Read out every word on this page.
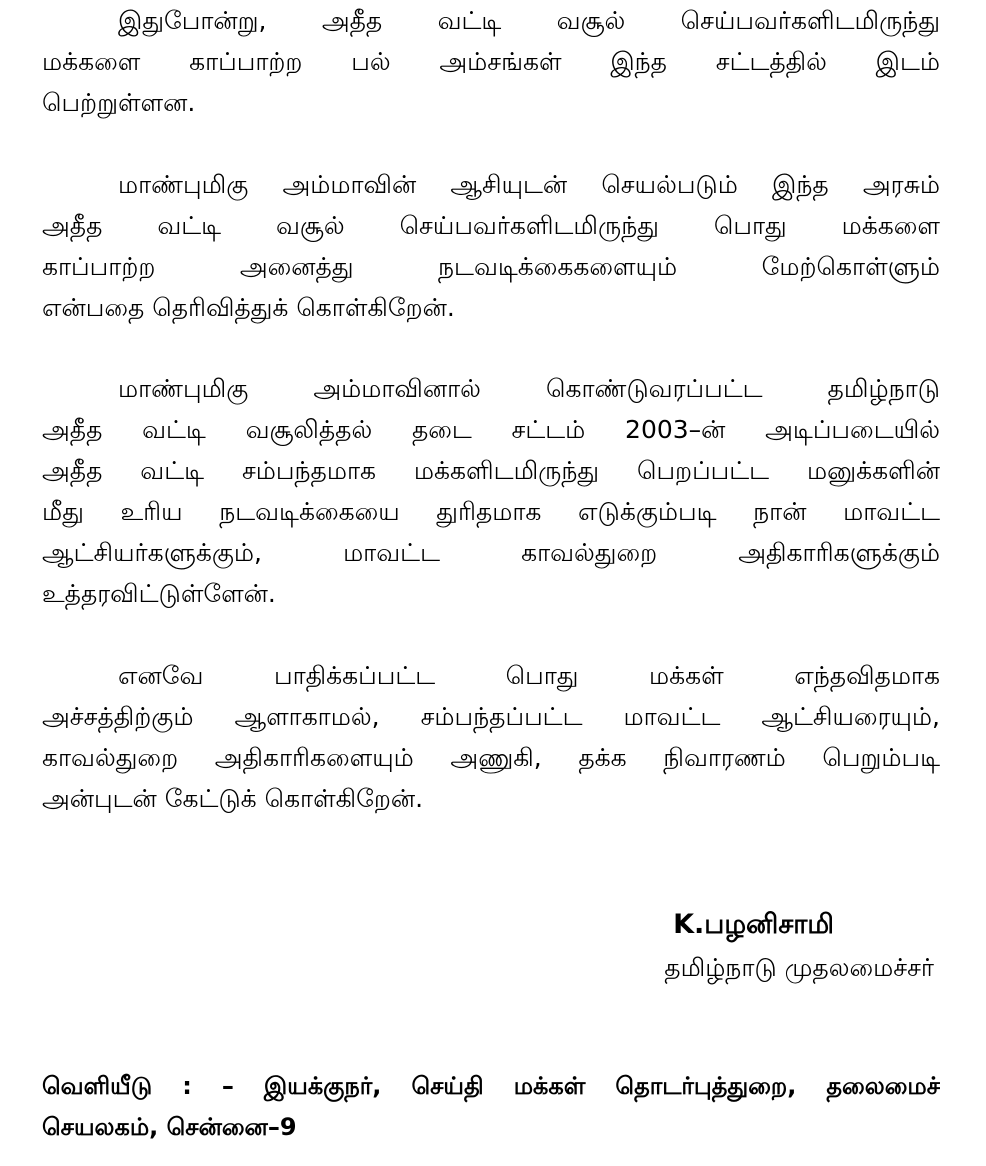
இதுபோன்று, அதீத வட்டி வசூல் செய்பவர்களிடமிருந்து
மக்களை காப்பாற்ற பல் அம்சங்கள் இந்த சட்டத்தில் இடம்
பெற்றுள்ளன.
மாண்புமிகு அம்மாவின் ஆசியுடன் செயல்படும் இந்த அரசும்
அதீத வட்டி வசூல் செய்பவர்களிடமிருந்து பொது மக்களை
காப்பாற்ற அனைத்து நடவடிக்கைகளையும் மேற்கொள்ளும்
என்பதை தெரிவித்துக் கொள்கிறேன்.
மாண்புமிகு அம்மாவினால் கொண்டுவரப்பட்ட தமிழ்நாடு
அதீத வட்டி வசூலித்தல் தடை சட்டம் 2003–ன் அடிப்படையில்
அதீத வட்டி சம்பந்தமாக மக்களிடமிருந்து பெறப்பட்ட மனுக்களின்
மீது உரிய நடவடிக்கையை துரிதமாக எடுக்கும்படி நான் மாவட்ட
ஆட்சியர்களுக்கும், மாவட்ட காவல்துறை அதிகாரிகளுக்கும்
உத்தரவிட்டுள்ளேன்.
எனவே பாதிக்கப்பட்ட பொது மக்கள் எந்தவிதமாக
அச்சத்திற்கும் ஆளாகாமல், சம்பந்தப்பட்ட மாவட்ட ஆட்சியரையும்,
காவல்துறை அதிகாரிகளையும் அணுகி, தக்க நிவாரணம் பெறும்படி
அன்புடன் கேட்டுக் கொள்கிறேன்.
K.பழனிசாமி
தமிழ்நாடு முதலமைச்சர்
வெளியீடு : – இயக்குநர், செய்தி மக்கள் தொடர்புத்துறை, தலைமைச்
செயலகம், சென்னை–9
